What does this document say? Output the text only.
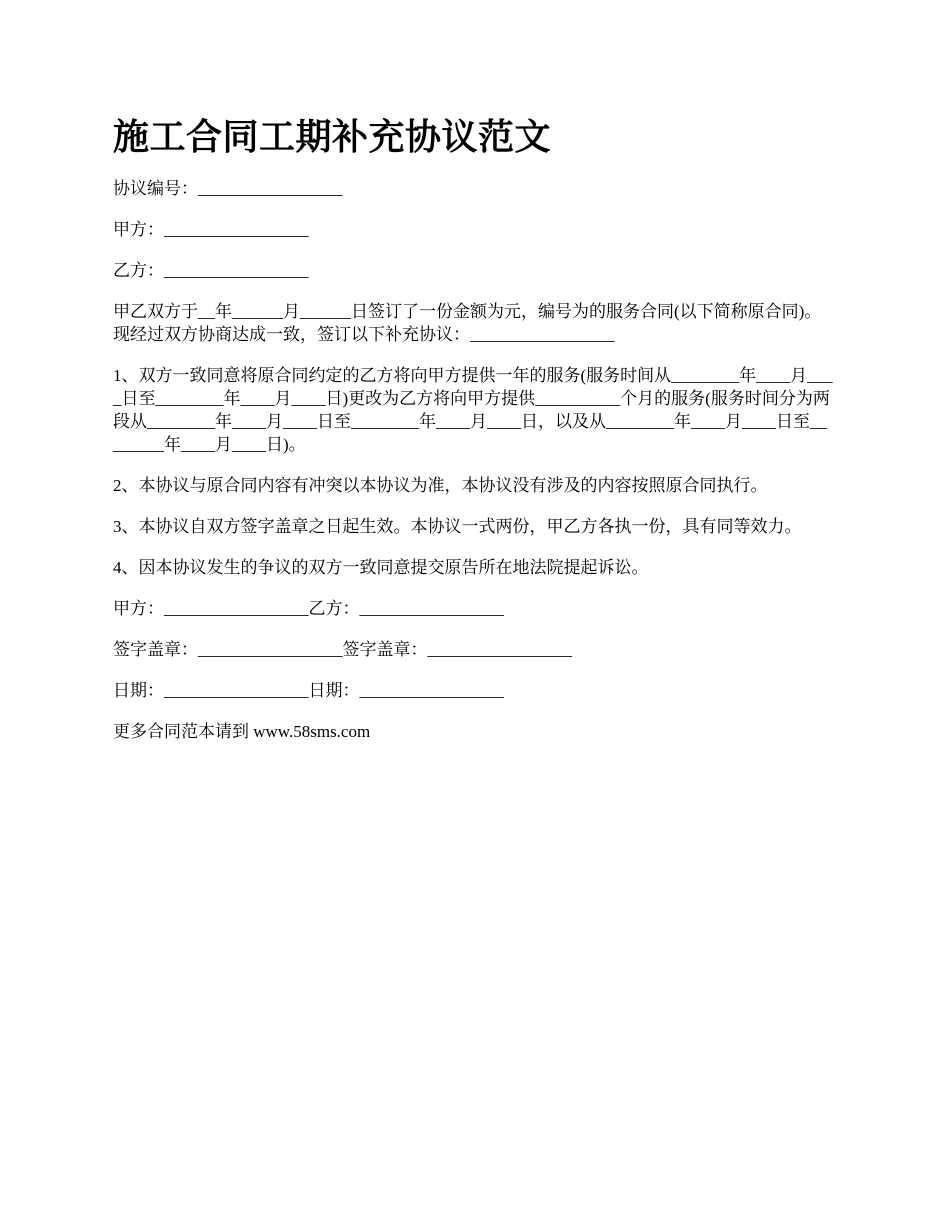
施工合同工期补充协议范文

协议编号：_________________

甲方：_________________

乙方：_________________

甲乙双方于__年______月______日签订了一份金额为元，编号为的服务合同(以下简称原合同)。现经过双方协商达成一致，签订以下补充协议：_________________

1、双方一致同意将原合同约定的乙方将向甲方提供一年的服务(服务时间从________年____月____日至________年____月____日)更改为乙方将向甲方提供__________个月的服务(服务时间分为两段从________年____月____日至________年____月____日，以及从________年____月____日至________年____月____日)。

2、本协议与原合同内容有冲突以本协议为准，本协议没有涉及的内容按照原合同执行。

3、本协议自双方签字盖章之日起生效。本协议一式两份，甲乙方各执一份，具有同等效力。

4、因本协议发生的争议的双方一致同意提交原告所在地法院提起诉讼。

甲方：_________________乙方：_________________

签字盖章：_________________签字盖章：_________________

日期：_________________日期：_________________

更多合同范本请到 www.58sms.com
